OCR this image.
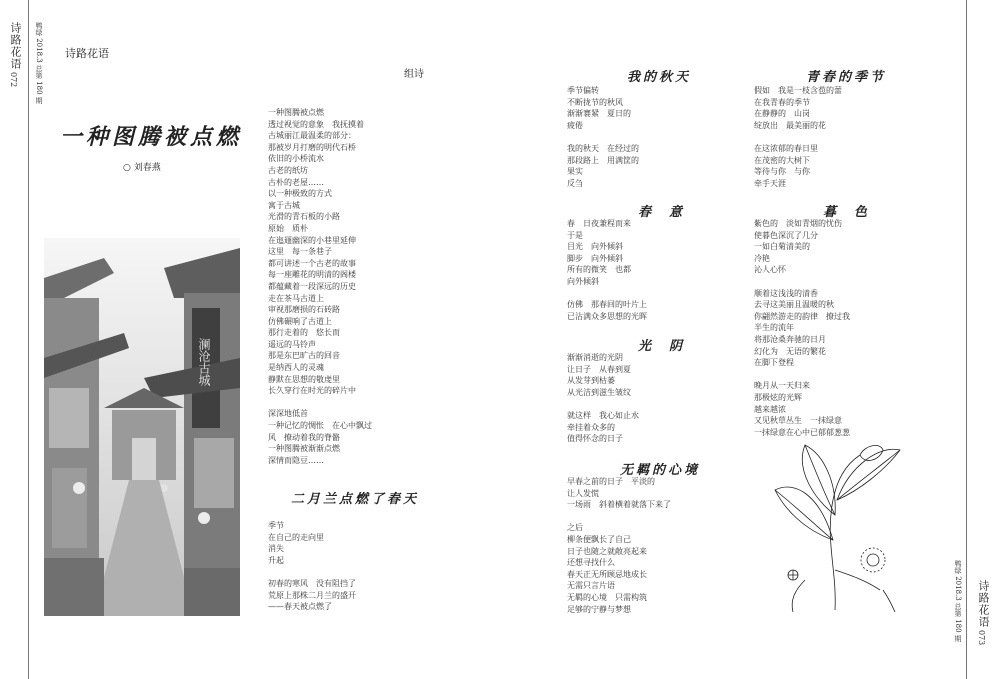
诗路花语
072 鸭绿 2018.3 总第 180 期
诗路花语
073
鸭绿 2018.3 总第 180 期
诗路花语
一种图腾被点燃
○ 刘春燕
组诗
澜沧古城
一种图腾被点燃
透过视觉的意象　我抚摸着
古城丽江最温柔的部分：
那被岁月打磨的明代石桥
依旧的小桥流水
古老的纸坊
古朴的老屋……
以一种极致的方式
寓于古城
光滑的青石板的小路
原始　质朴
在迤逦幽深的小巷里延伸
这里　每一条巷子
都可讲述一个古老的故事
每一座雕花的明清的阁楼
都蕴藏着一段深远的历史
走在茶马古道上
审视那磨损的石砖路
仿佛碾响了古道上
那行走着的　悠长而
遥远的马铃声
那是东巴旷古的回音
是纳西人的灵魂
静默在思想的敬虔里
长久穿行在时光的碎片中
深深地低首
一种记忆的惆怅　在心中飘过
风　撩动着我的脊骼
一种图腾被渐渐点燃
深情而隐豆……
二月兰点燃了春天
季节
在自己的走向里
消失
升起
初春的寒风　没有阻挡了
荒原上那株二月兰的盛开
——春天被点燃了
我的秋天
季节偏转
不断拢节的秋风
渐渐褰紧　夏日的
疲倦
我的秋天　在经过的
那段路上　用满筐的
果实
反刍
春意
春　日夜兼程而来
于是
目光　向外倾斜
脚步　向外倾斜
所有的微笑　也都
向外倾斜
仿佛　那春回的叶片上
已沾满众多思想的光晖
光阴
渐渐消逝的光阴
让日子　从春到夏
从发芽到枯萎
从光洁到滋生皱纹
就这样　我心如止水
牵挂着众多的
值得怀念的日子
无羁的心境
早春之前的日子　平淡的
让人发慌
一场雨　斜着横着就落下来了
之后
柳条便飘长了自己
日子也随之就敞亮起来
还想寻找什么
春天正无所顾忌地成长
无需只言片语
无羁的心境　只需构筑
足够的宁静与梦想
青春的季节
假如　我是一枝含苞的蕾
在我青春的季节
在静静的　山岗
绽放出　最美丽的花
在这浓郁的春日里
在茂密的大树下
等待与你　与你
牵手天涯
暮色
紫色的　淡如青烟的忧伤
使暮色深沉了几分
一如白菊清美的
冷艳
沁人心怀
顺着这浅浅的清香
去寻这美丽且温暖的秋
你翩然游走的韵律　撩过我
半生的流年
将那沧桑奔驰的日月
幻化为　无语的繁花
在脚下登程
晚月从一天归来
那极炫的光辉
越来越浓
又见秋草丛生　一抹绿意
一抹绿意在心中已郁郁葱葱
